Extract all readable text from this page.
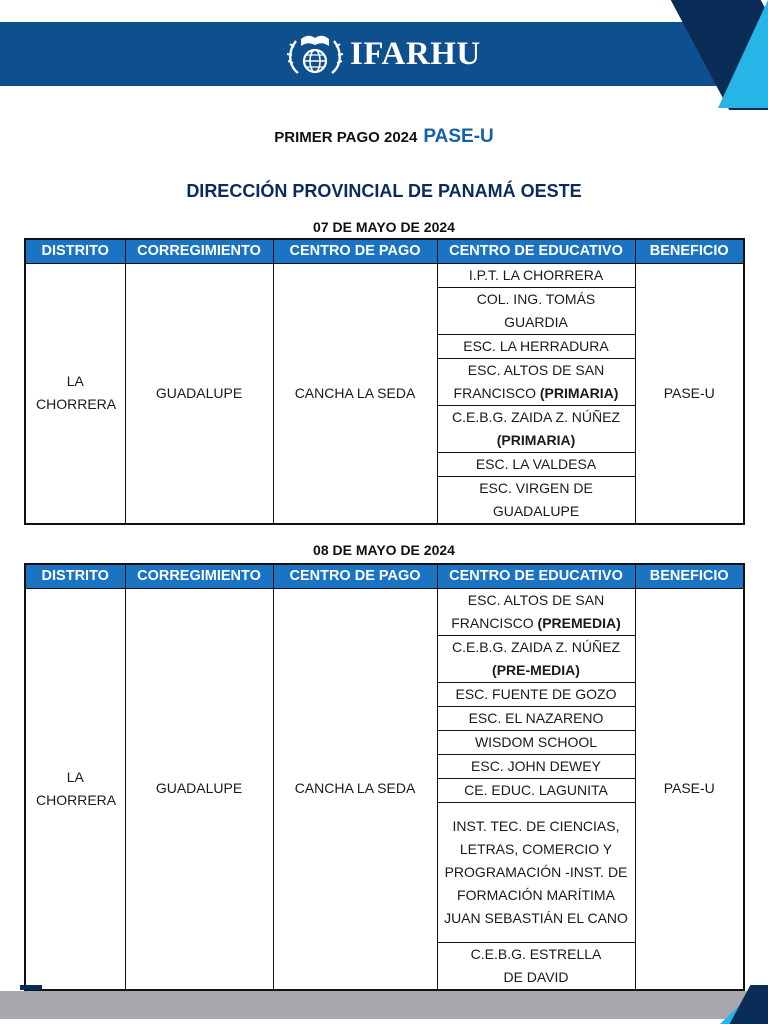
IFARHU
PRIMER PAGO 2024 PASE-U
DIRECCIÓN PROVINCIAL DE PANAMÁ OESTE
07 DE MAYO DE 2024
DISTRITO	CORREGIMIENTO	CENTRO DE PAGO	CENTRO DE EDUCATIVO	BENEFICIO
LA CHORRERA	GUADALUPE	CANCHA LA SEDA	I.P.T. LA CHORRERA	PASE-U
			COL. ING. TOMÁS GUARDIA	
			ESC. LA HERRADURA	
			ESC. ALTOS DE SAN FRANCISCO (PRIMARIA)	
			C.E.B.G. ZAIDA Z. NÚÑEZ (PRIMARIA)	
			ESC. LA VALDESA	
			ESC. VIRGEN DE GUADALUPE	
08 DE MAYO DE 2024
DISTRITO	CORREGIMIENTO	CENTRO DE PAGO	CENTRO DE EDUCATIVO	BENEFICIO
LA CHORRERA	GUADALUPE	CANCHA LA SEDA	ESC. ALTOS DE SAN FRANCISCO (PREMEDIA)	PASE-U
			C.E.B.G. ZAIDA Z. NÚÑEZ (PRE-MEDIA)	
			ESC. FUENTE DE GOZO	
			ESC. EL NAZARENO	
			WISDOM SCHOOL	
			ESC. JOHN DEWEY	
			CE. EDUC. LAGUNITA	
			INST. TEC. DE CIENCIAS, LETRAS, COMERCIO Y PROGRAMACIÓN -INST. DE FORMACIÓN MARÍTIMA JUAN SEBASTIÁN EL CANO	
			C.E.B.G. ESTRELLA DE DAVID	
